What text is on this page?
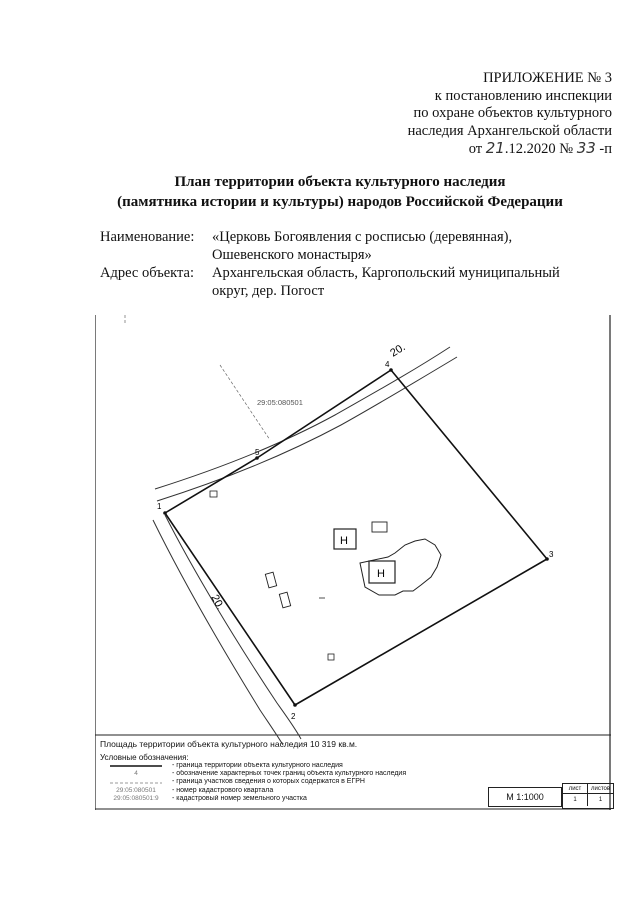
ПРИЛОЖЕНИЕ № 3
к постановлению инспекции
по охране объектов культурного
наследия Архангельской области
от 21.12.2020 № 33 -п
План территории объекта культурного наследия
(памятника истории и культуры) народов Российской Федерации
Наименование:	«Церковь Богоявления с росписью (деревянная),
Ошевенского монастыря»
Адрес объекта:	Архангельская область, Каргопольский муниципальный
округ, дер. Погост
1
2
3
4
5
20.
20.
29:05:080501
Н
Н
Площадь территории объекта культурного наследия 10 319 кв.м.
Условные обозначения:
- граница территории объекта культурного наследия
4	- обозначение характерных точек границ объекта культурного наследия
- граница участков сведения о которых содержатся в ЕГРН
29:05:080501	- номер кадастрового квартала
29:05:080501:9	- кадастровый номер земельного участка	М 1:1000
лист	листов
1	1
